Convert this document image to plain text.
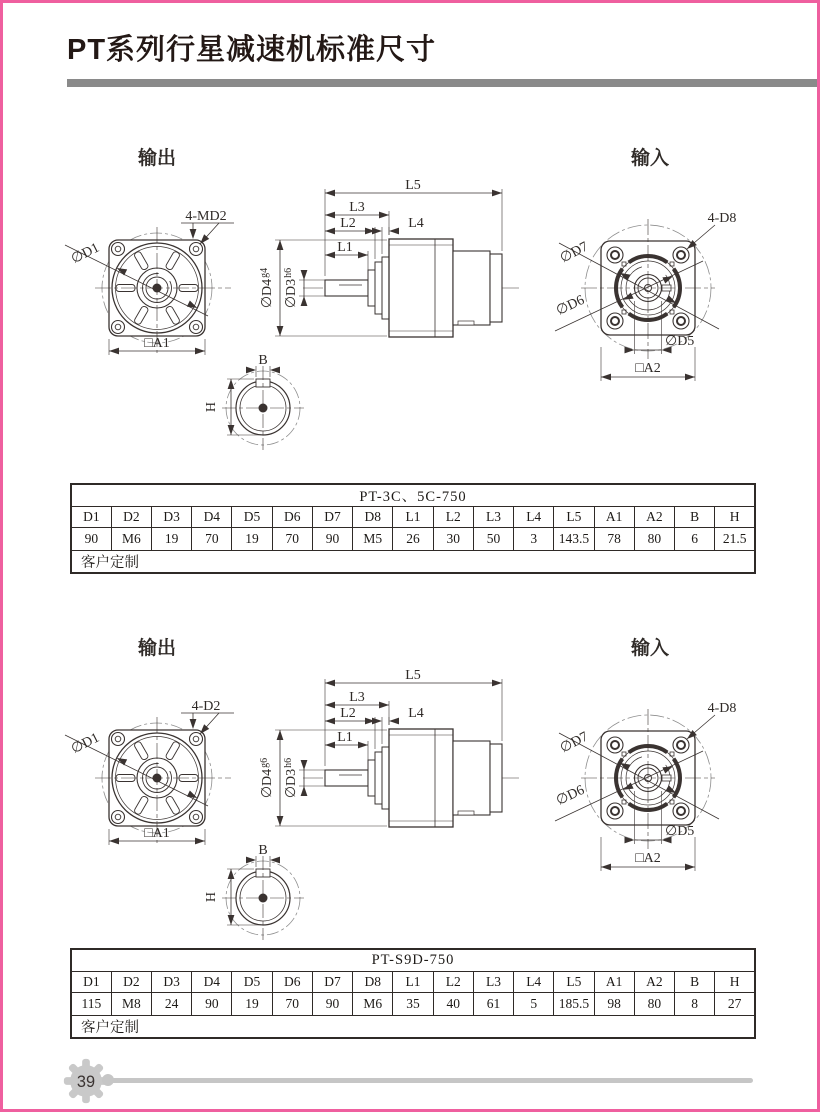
PT系列行星减速机标准尺寸
输出	输入
∅D1
4-MD2
□A1
L5
L3
L2	L4
L1
$\emptyset D4^{g4}$
$\emptyset D3^{h6}$
B
H
∅D7
∅D6
4-D8
∅D5
□A2
PT-3C、5C-750																
D1	D2	D3	D4	D5	D6	D7	D8	L1	L2	L3	L4	L5	A1	A2	B	H
90	M6	19	70	19	70	90	M5	26	30	50	3	143.5	78	80	6	21.5
客户定制																
输出	输入
∅D1
4-D2
□A1
L5
L3
L2	L4
L1
$\emptyset D4^{g6}$
$\emptyset D3^{h6}$
B
H
∅D7
∅D6
4-D8
∅D5
□A2
PT-S9D-750																
D1	D2	D3	D4	D5	D6	D7	D8	L1	L2	L3	L4	L5	A1	A2	B	H
115	M8	24	90	19	70	90	M6	35	40	61	5	185.5	98	80	8	27
客户定制																
39
